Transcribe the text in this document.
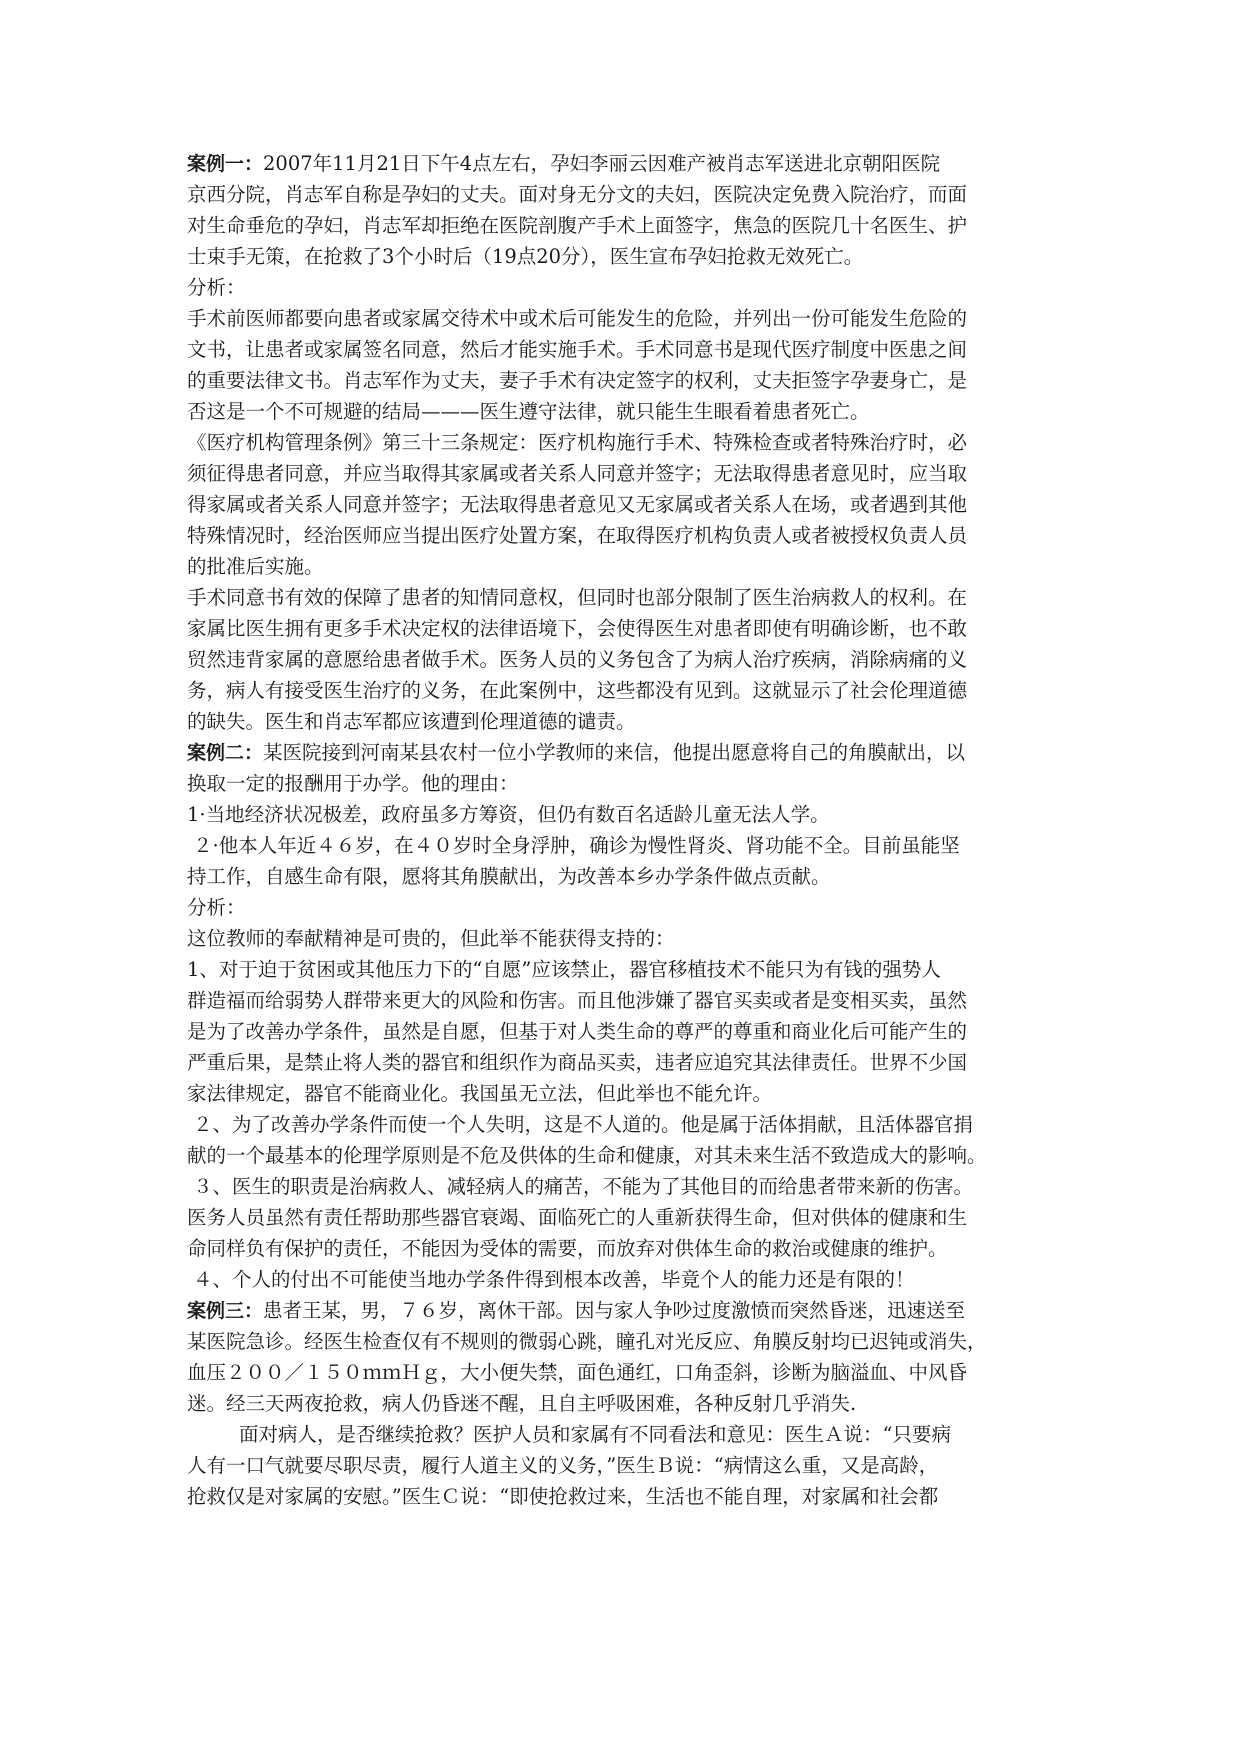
案例一：2007年11月21日下午4点左右，孕妇李丽云因难产被肖志军送进北京朝阳医院
京西分院，肖志军自称是孕妇的丈夫。面对身无分文的夫妇，医院决定免费入院治疗，而面
对生命垂危的孕妇，肖志军却拒绝在医院剖腹产手术上面签字，焦急的医院几十名医生、护
士束手无策，在抢救了3个小时后（19点20分），医生宣布孕妇抢救无效死亡。
分析：
手术前医师都要向患者或家属交待术中或术后可能发生的危险，并列出一份可能发生危险的
文书，让患者或家属签名同意，然后才能实施手术。手术同意书是现代医疗制度中医患之间
的重要法律文书。肖志军作为丈夫，妻子手术有决定签字的权利，丈夫拒签字孕妻身亡，是
否这是一个不可规避的结局———医生遵守法律，就只能生生眼看着患者死亡。
《医疗机构管理条例》第三十三条规定：医疗机构施行手术、特殊检查或者特殊治疗时，必
须征得患者同意，并应当取得其家属或者关系人同意并签字；无法取得患者意见时，应当取
得家属或者关系人同意并签字；无法取得患者意见又无家属或者关系人在场，或者遇到其他
特殊情况时，经治医师应当提出医疗处置方案，在取得医疗机构负责人或者被授权负责人员
的批准后实施。
手术同意书有效的保障了患者的知情同意权，但同时也部分限制了医生治病救人的权利。在
家属比医生拥有更多手术决定权的法律语境下，会使得医生对患者即使有明确诊断，也不敢
贸然违背家属的意愿给患者做手术。医务人员的义务包含了为病人治疗疾病，消除病痛的义
务，病人有接受医生治疗的义务，在此案例中，这些都没有见到。这就显示了社会伦理道德
的缺失。医生和肖志军都应该遭到伦理道德的谴责。
案例二：某医院接到河南某县农村一位小学教师的来信，他提出愿意将自己的角膜献出，以
换取一定的报酬用于办学。他的理由：
1·当地经济状况极差，政府虽多方筹资，但仍有数百名适龄儿童无法人学。
２·他本人年近４６岁，在４０岁时全身浮肿，确诊为慢性肾炎、肾功能不全。目前虽能坚
持工作，自感生命有限，愿将其角膜献出，为改善本乡办学条件做点贡献。
分析：
这位教师的奉献精神是可贵的，但此举不能获得支持的：
1、对于迫于贫困或其他压力下的“自愿”应该禁止，器官移植技术不能只为有钱的强势人
群造福而给弱势人群带来更大的风险和伤害。而且他涉嫌了器官买卖或者是变相买卖，虽然
是为了改善办学条件，虽然是自愿，但基于对人类生命的尊严的尊重和商业化后可能产生的
严重后果，是禁止将人类的器官和组织作为商品买卖，违者应追究其法律责任。世界不少国
家法律规定，器官不能商业化。我国虽无立法，但此举也不能允许。
２、为了改善办学条件而使一个人失明，这是不人道的。他是属于活体捐献，且活体器官捐
献的一个最基本的伦理学原则是不危及供体的生命和健康，对其未来生活不致造成大的影响。
３、医生的职责是治病救人、减轻病人的痛苦，不能为了其他目的而给患者带来新的伤害。
医务人员虽然有责任帮助那些器官衰竭、面临死亡的人重新获得生命，但对供体的健康和生
命同样负有保护的责任，不能因为受体的需要，而放弃对供体生命的救治或健康的维护。
４、个人的付出不可能使当地办学条件得到根本改善，毕竟个人的能力还是有限的！
案例三：患者王某，男，７６岁，离休干部。因与家人争吵过度激愤而突然昏迷，迅速送至
某医院急诊。经医生检查仅有不规则的微弱心跳，瞳孔对光反应、角膜反射均已迟钝或消失，
血压２００／１５０ｍｍＨｇ，大小便失禁，面色通红，口角歪斜，诊断为脑溢血、中风昏
迷。经三天两夜抢救，病人仍昏迷不醒，且自主呼吸困难，各种反射几乎消失.
面对病人，是否继续抢救？医护人员和家属有不同看法和意见：医生Ａ说：“只要病
人有一口气就要尽职尽责，履行人道主义的义务，”医生Ｂ说：“病情这么重，又是高龄，
抢救仅是对家属的安慰。”医生Ｃ说：“即使抢救过来，生活也不能自理，对家属和社会都
